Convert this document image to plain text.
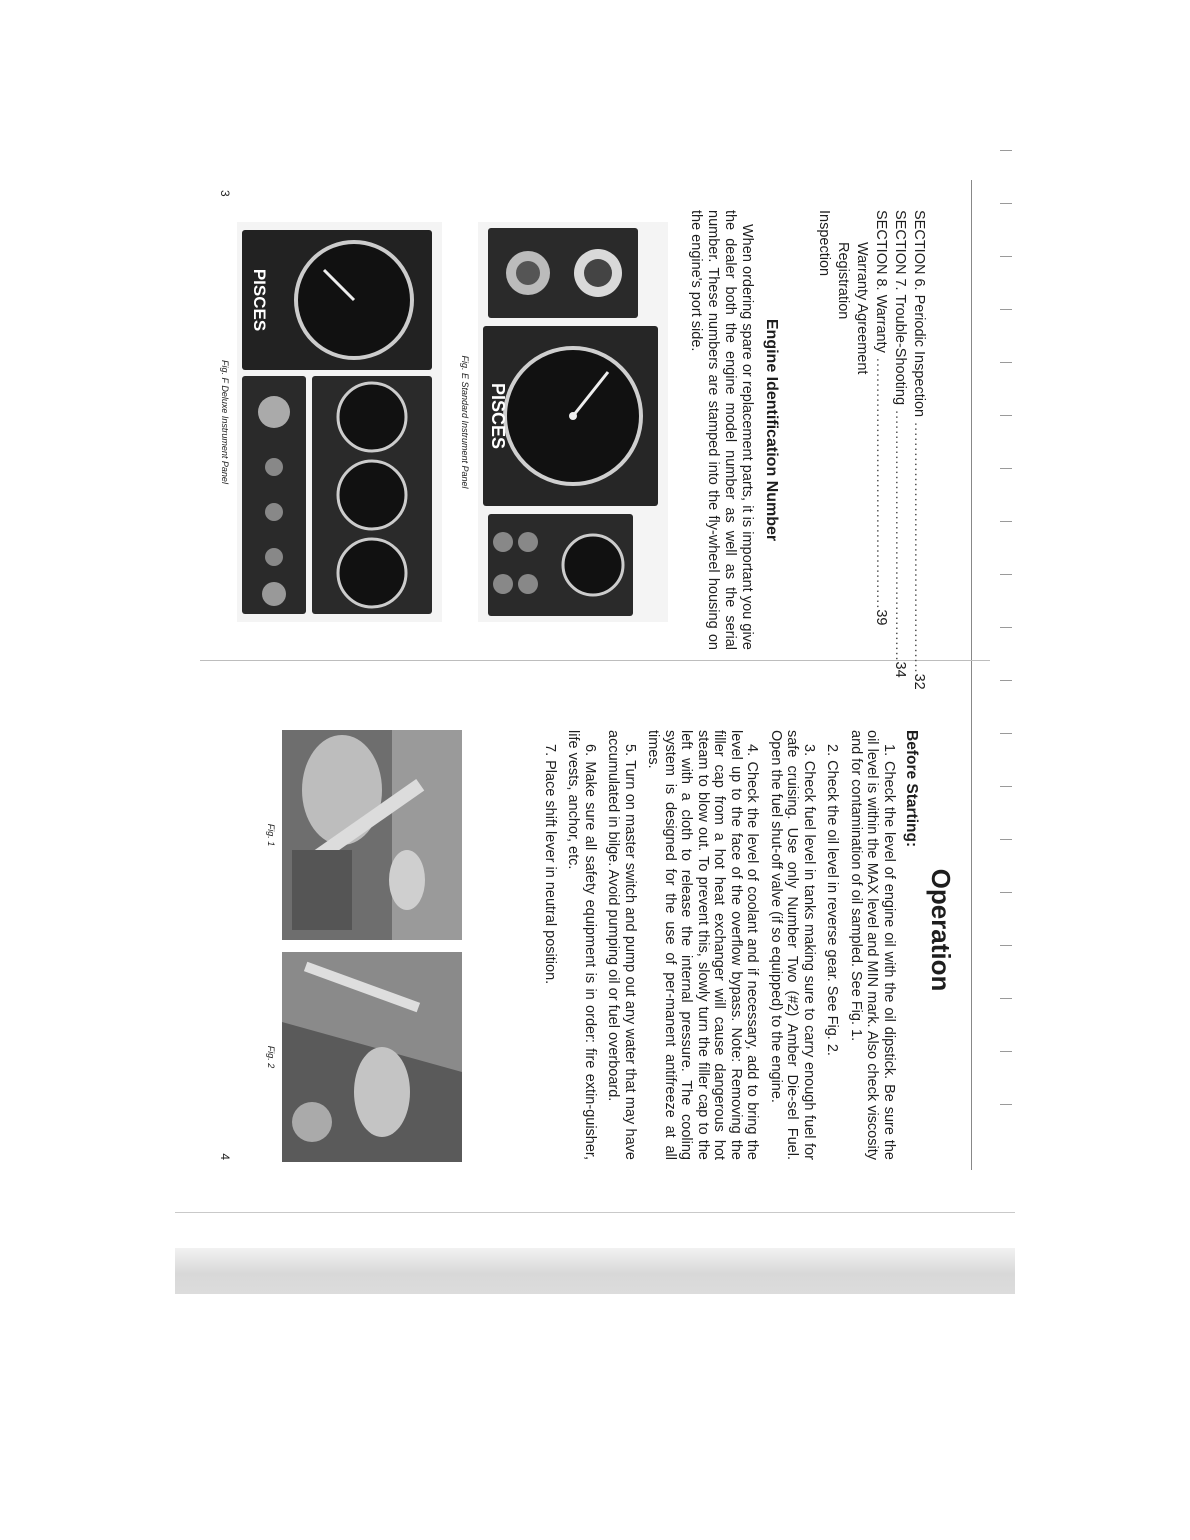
SECTION 6. Periodic Inspection
..................................................
32
SECTION 7. Trouble-Shooting
..................................................
34
SECTION 8. Warranty
..................................................
39
Warranty Agreement
Registration
Inspection
Engine Identification Number

When ordering spare or replacement parts, it is important you give the dealer both the engine model number as well as the serial number. These numbers are stamped into the fly-wheel housing on the engine's port side.

PISCES
Fig. E Standard Instrument Panel
PISCES
Fig. F Deluxe Instrument Panel
3
Operation
Before Starting:

1. Check the level of engine oil with the oil dipstick. Be sure the oil level is within the MAX level and MIN mark. Also check viscosity and for contamination of oil sampled. See Fig. 1.

2. Check the oil level in reverse gear. See Fig. 2.

3. Check fuel level in tanks making sure to carry enough fuel for safe cruising. Use only Number Two (#2) Amber Die-sel Fuel. Open the fuel shut-off valve (if so equipped) to the engine.

4. Check the level of coolant and if necessary, add to bring the level up to the face of the overflow bypass. Note: Removing the filler cap from a hot heat exchanger will cause dangerous hot steam to blow out. To prevent this, slowly turn the filler cap to the left with a cloth to release the internal pressure. The cooling system is designed for the use of per-manent antifreeze at all times.

5. Turn on master switch and pump out any water that may have accumulated in bilge. Avoid pumping oil or fuel overboard.

6. Make sure all safety equipment is in order: fire extin-guisher, life vests, anchor, etc.

7. Place shift lever in neutral position.

Fig. 1
Fig. 2
4
